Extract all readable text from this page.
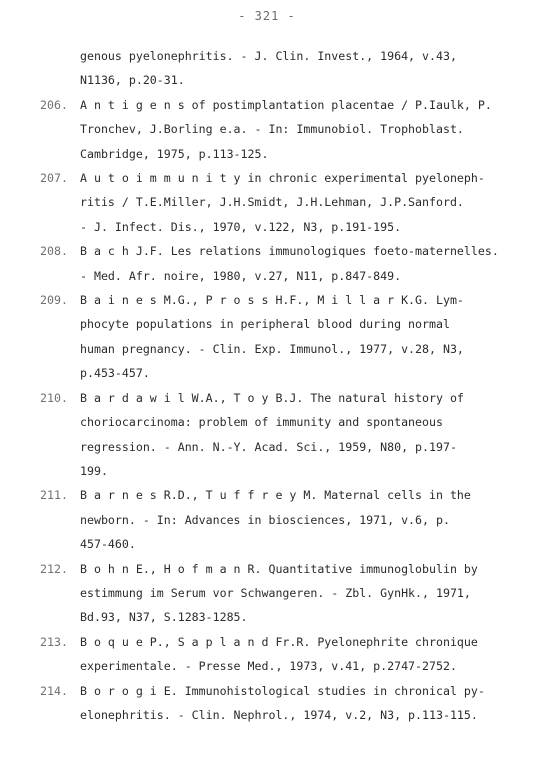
- 321 -
genous pyelonephritis. - J. Clin. Invest., 1964, v.43,
N1136, p.20-31.
206.	A n t i g e n s of postimplantation placentae / P.Iaulk, P.
Tronchev, J.Borling e.a. - In: Immunobiol. Trophoblast.
Cambridge, 1975, p.113-125.
207.	A u t o i m m u n i t y in chronic experimental pyeloneph-
ritis / T.E.Miller, J.H.Smidt, J.H.Lehman, J.P.Sanford.
- J. Infect. Dis., 1970, v.122, N3, p.191-195.
208.	B a c h J.F. Les relations immunologiques foeto-maternelles.
- Med. Afr. noire, 1980, v.27, N11, p.847-849.
209.	B a i n e s M.G., P r o s s H.F., M i l l a r K.G. Lym-
phocyte populations in peripheral blood during normal
human pregnancy. - Clin. Exp. Immunol., 1977, v.28, N3,
p.453-457.
210.	B a r d a w i l W.A., T o y B.J. The natural history of
choriocarcinoma: problem of immunity and spontaneous
regression. - Ann. N.-Y. Acad. Sci., 1959, N80, p.197-
199.
211.	B a r n e s R.D., T u f f r e y M. Maternal cells in the
newborn. - In: Advances in biosciences, 1971, v.6, p.
457-460.
212.	B o h n E., H o f m a n R. Quantitative immunoglobulin by
estimmung im Serum vor Schwangeren. - Zbl. GynHk., 1971,
Bd.93, N37, S.1283-1285.
213.	B o q u e P., S a p l a n d Fr.R. Pyelonephrite chronique
experimentale. - Presse Med., 1973, v.41, p.2747-2752.
214.	B o r o g i E. Immunohistological studies in chronical py-
elonephritis. - Clin. Nephrol., 1974, v.2, N3, p.113-115.
